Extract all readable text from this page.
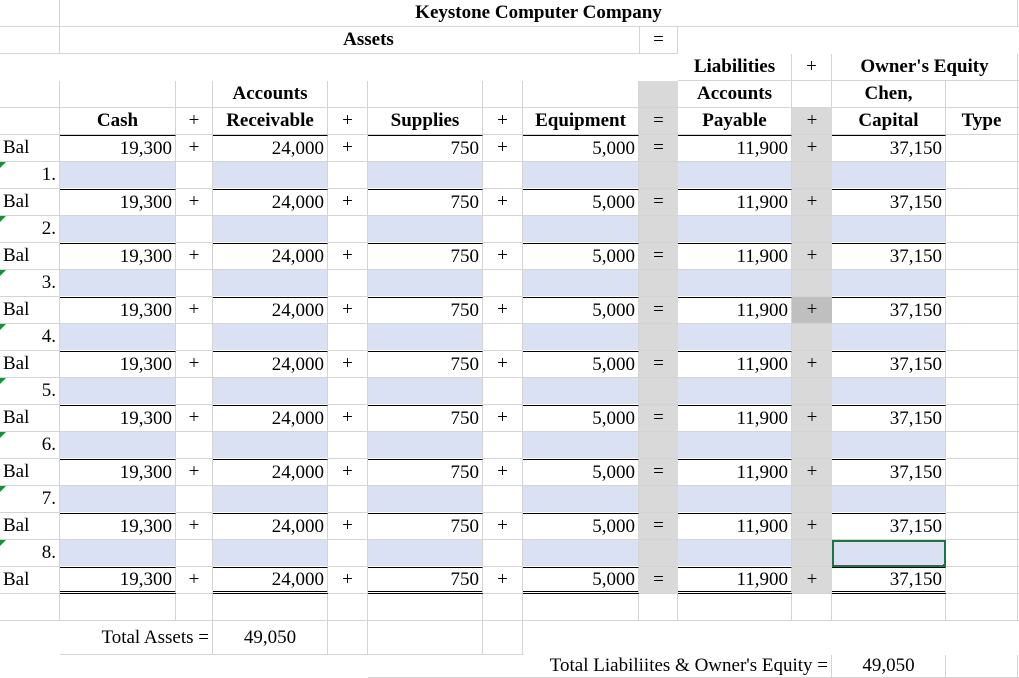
Keystone Computer Company
Assets	=
Liabilities	+	Owner's Equity
Accounts	Accounts	Chen,
Cash	+	Receivable	+	Supplies	+	Equipment	=	Payable	+	Capital	Type
Bal	19,300 +	24,000 +	750 +	5,000 =	11,900 +	37,150
1.
Bal	19,300 +	24,000 +	750 +	5,000 =	11,900 +	37,150
2.
Bal	19,300 +	24,000 +	750 +	5,000 =	11,900 +	37,150
3.
Bal	19,300 +	24,000 +	750 +	5,000 =	11,900 +	37,150
4.
Bal	19,300 +	24,000 +	750 +	5,000 =	11,900 +	37,150
5.
Bal	19,300 +	24,000 +	750 +	5,000 =	11,900 +	37,150
6.
Bal	19,300 +	24,000 +	750 +	5,000 =	11,900 +	37,150
7.
Bal	19,300 +	24,000 +	750 +	5,000 =	11,900 +	37,150
8.
Bal	19,300 +	24,000 +	750 +	5,000 =	11,900 +	37,150
Total Assets =	49,050
Total Liabiliites & Owner's Equity =	49,050
